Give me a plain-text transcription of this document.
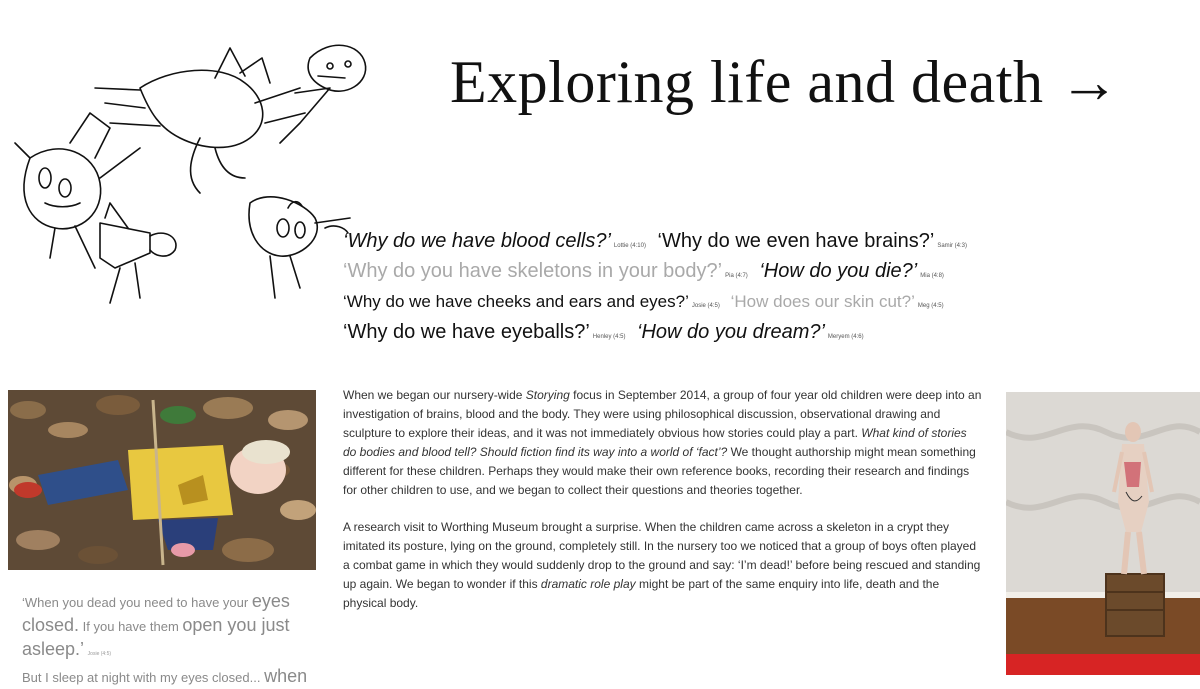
Exploring life and death →
‘Why do we have blood cells?’ Lottie (4:10) ‘Why do we even have brains?’ Samir (4:3)
‘Why do you have skeletons in your body?’ Pia (4:7) ‘How do you die?’ Mia (4:8)
‘Why do we have cheeks and ears and eyes?’ Josie (4:5) ‘How does our skin cut?’ Meg (4:5)
‘Why do we have eyeballs?’ Henley (4:5) ‘How do you dream?’ Meryem (4:6)

When we began our nursery-wide Storying focus in September 2014, a group of four year old children were deep into an investigation of brains, blood and the body. They were using philosophical discussion, observational drawing and sculpture to explore their ideas, and it was not immediately obvious how stories could play a part. What kind of stories do bodies and blood tell? Should fiction find its way into a world of ‘fact’? We thought authorship might mean something different for these children. Perhaps they would make their own reference books, recording their research and findings for other children to use, and we began to collect their questions and theories together.

A research visit to Worthing Museum brought a surprise. When the children came across a skeleton in a crypt they imitated its posture, lying on the ground, completely still. In the nursery too we noticed that a group of boys often played a combat game in which they would suddenly drop to the ground and say: ‘I’m dead!’ before being rescued and standing up again. We began to wonder if this dramatic role play might be part of the same enquiry into life, death and the physical body.

‘When you dead you need to have your eyes
closed. If you have them open you just asleep.’ Josie (4:5)
But I sleep at night with my eyes closed... when
